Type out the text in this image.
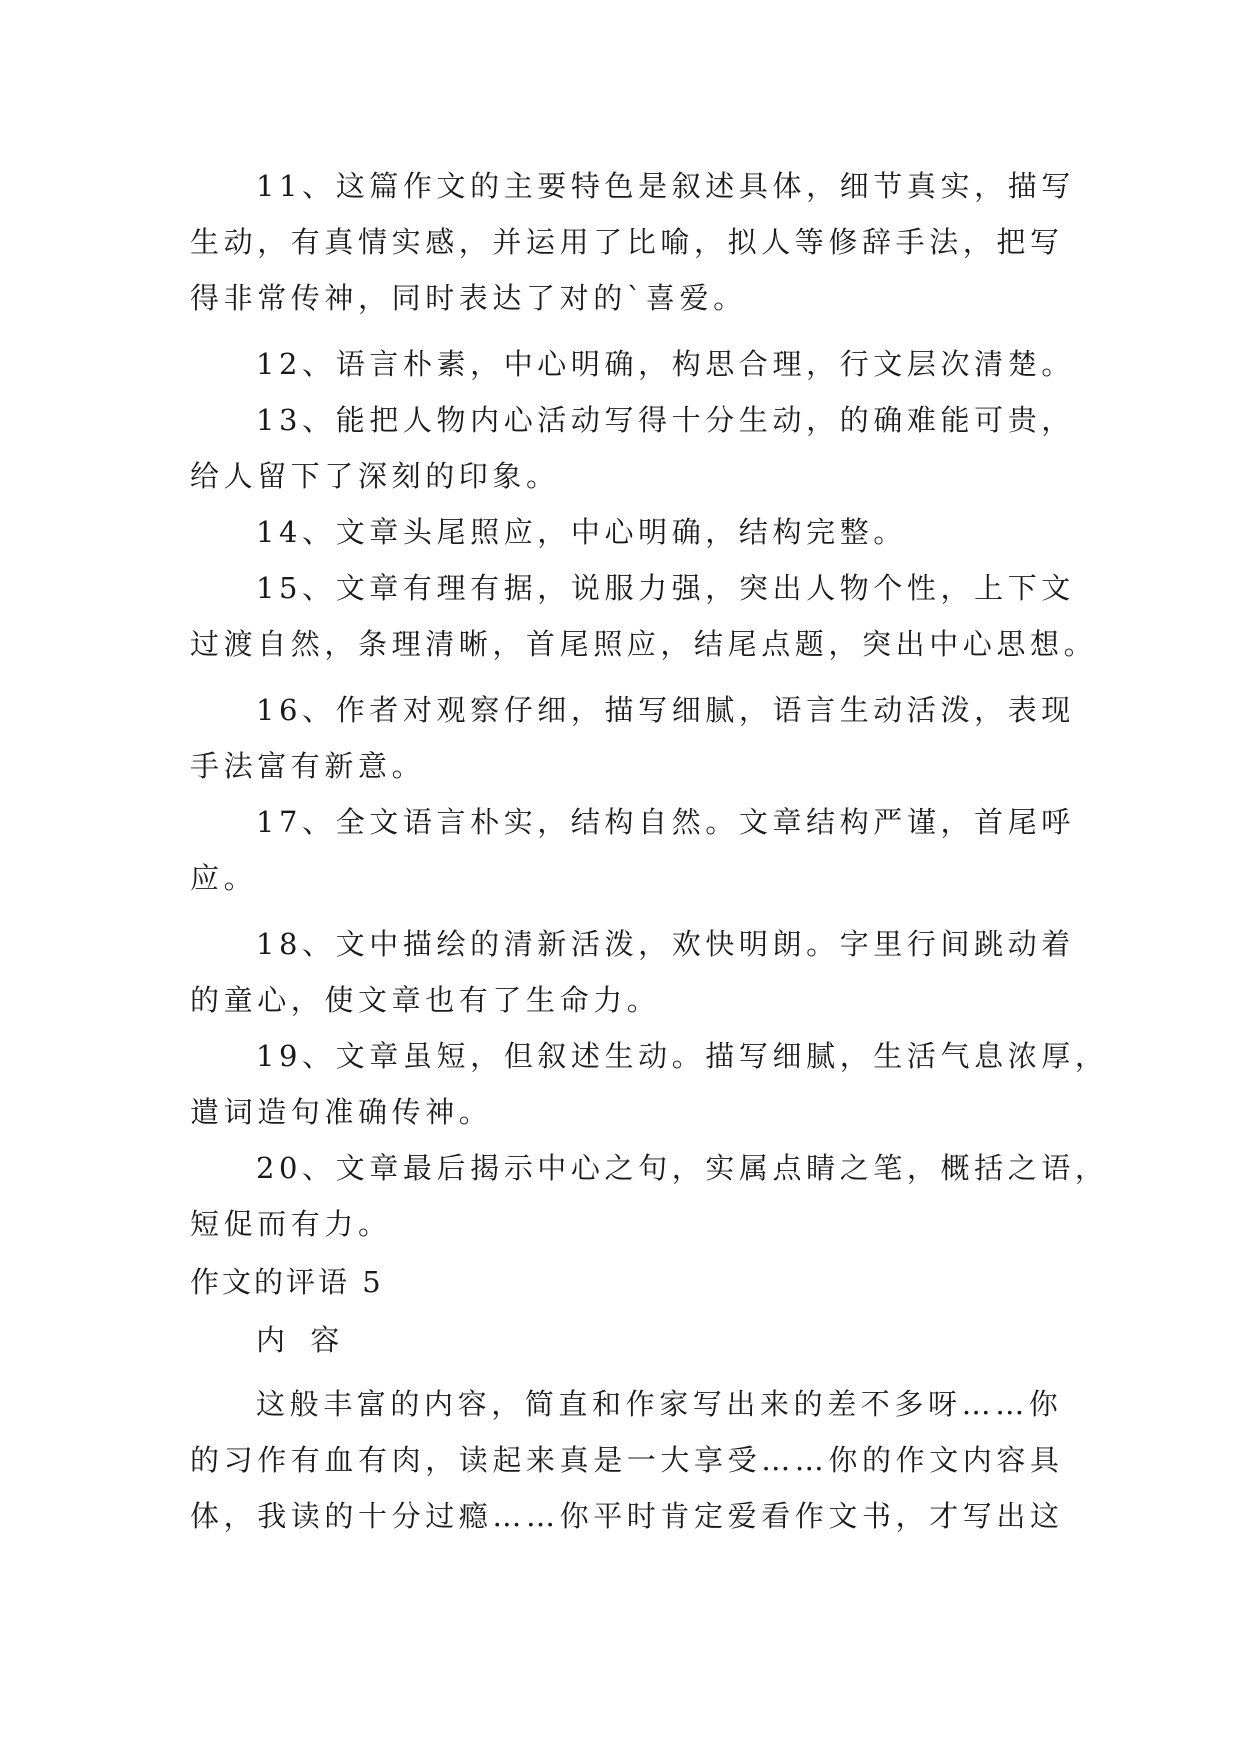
11、这篇作文的主要特色是叙述具体，细节真实，描写
生动，有真情实感，并运用了比喻，拟人等修辞手法，把写
得非常传神，同时表达了对的`喜爱。
12、语言朴素，中心明确，构思合理，行文层次清楚。
13、能把人物内心活动写得十分生动，的确难能可贵，
给人留下了深刻的印象。
14、文章头尾照应，中心明确，结构完整。
15、文章有理有据，说服力强，突出人物个性，上下文
过渡自然，条理清晰，首尾照应，结尾点题，突出中心思想。
16、作者对观察仔细，描写细腻，语言生动活泼，表现
手法富有新意。
17、全文语言朴实，结构自然。文章结构严谨，首尾呼
应。
18、文中描绘的清新活泼，欢快明朗。字里行间跳动着
的童心，使文章也有了生命力。
19、文章虽短，但叙述生动。描写细腻，生活气息浓厚，
遣词造句准确传神。
20、文章最后揭示中心之句，实属点睛之笔，概括之语，
短促而有力。
作文的评语 5
内 容
这般丰富的内容，简直和作家写出来的差不多呀……你
的习作有血有肉，读起来真是一大享受……你的作文内容具
体，我读的十分过瘾……你平时肯定爱看作文书，才写出这
